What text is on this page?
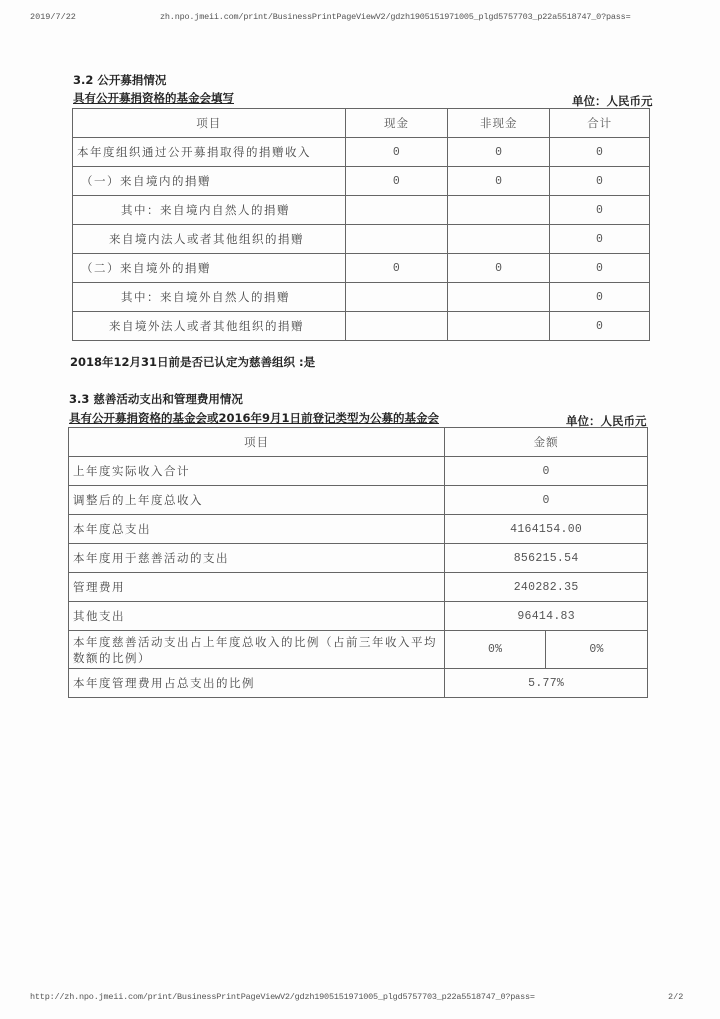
2019/7/22	zh.npo.jmeii.com/print/BusinessPrintPageViewV2/gdzh1905151971005_plgd5757703_p22a5518747_0?pass=
3.2 公开募捐情况
具有公开募捐资格的基金会填写	单位：人民币元
项目	现金	非现金	合计
本年度组织通过公开募捐取得的捐赠收入	0	0	0
（一）来自境内的捐赠	0	0	0
其中：来自境内自然人的捐赠			0
来自境内法人或者其他组织的捐赠			0
（二）来自境外的捐赠	0	0	0
其中：来自境外自然人的捐赠			0
来自境外法人或者其他组织的捐赠			0
2018年12月31日前是否已认定为慈善组织 :是
3.3 慈善活动支出和管理费用情况
具有公开募捐资格的基金会或2016年9月1日前登记类型为公募的基金会	单位：人民币元
项目	金额	
上年度实际收入合计	0	
调整后的上年度总收入	0	
本年度总支出	4164154.00	
本年度用于慈善活动的支出	856215.54	
管理费用	240282.35	
其他支出	96414.83	
本年度慈善活动支出占上年度总收入的比例（占前三年收入平均数额的比例）	0%	0%
本年度管理费用占总支出的比例	5.77%	
http://zh.npo.jmeii.com/print/BusinessPrintPageViewV2/gdzh1905151971005_plgd5757703_p22a5518747_0?pass=	2/2
